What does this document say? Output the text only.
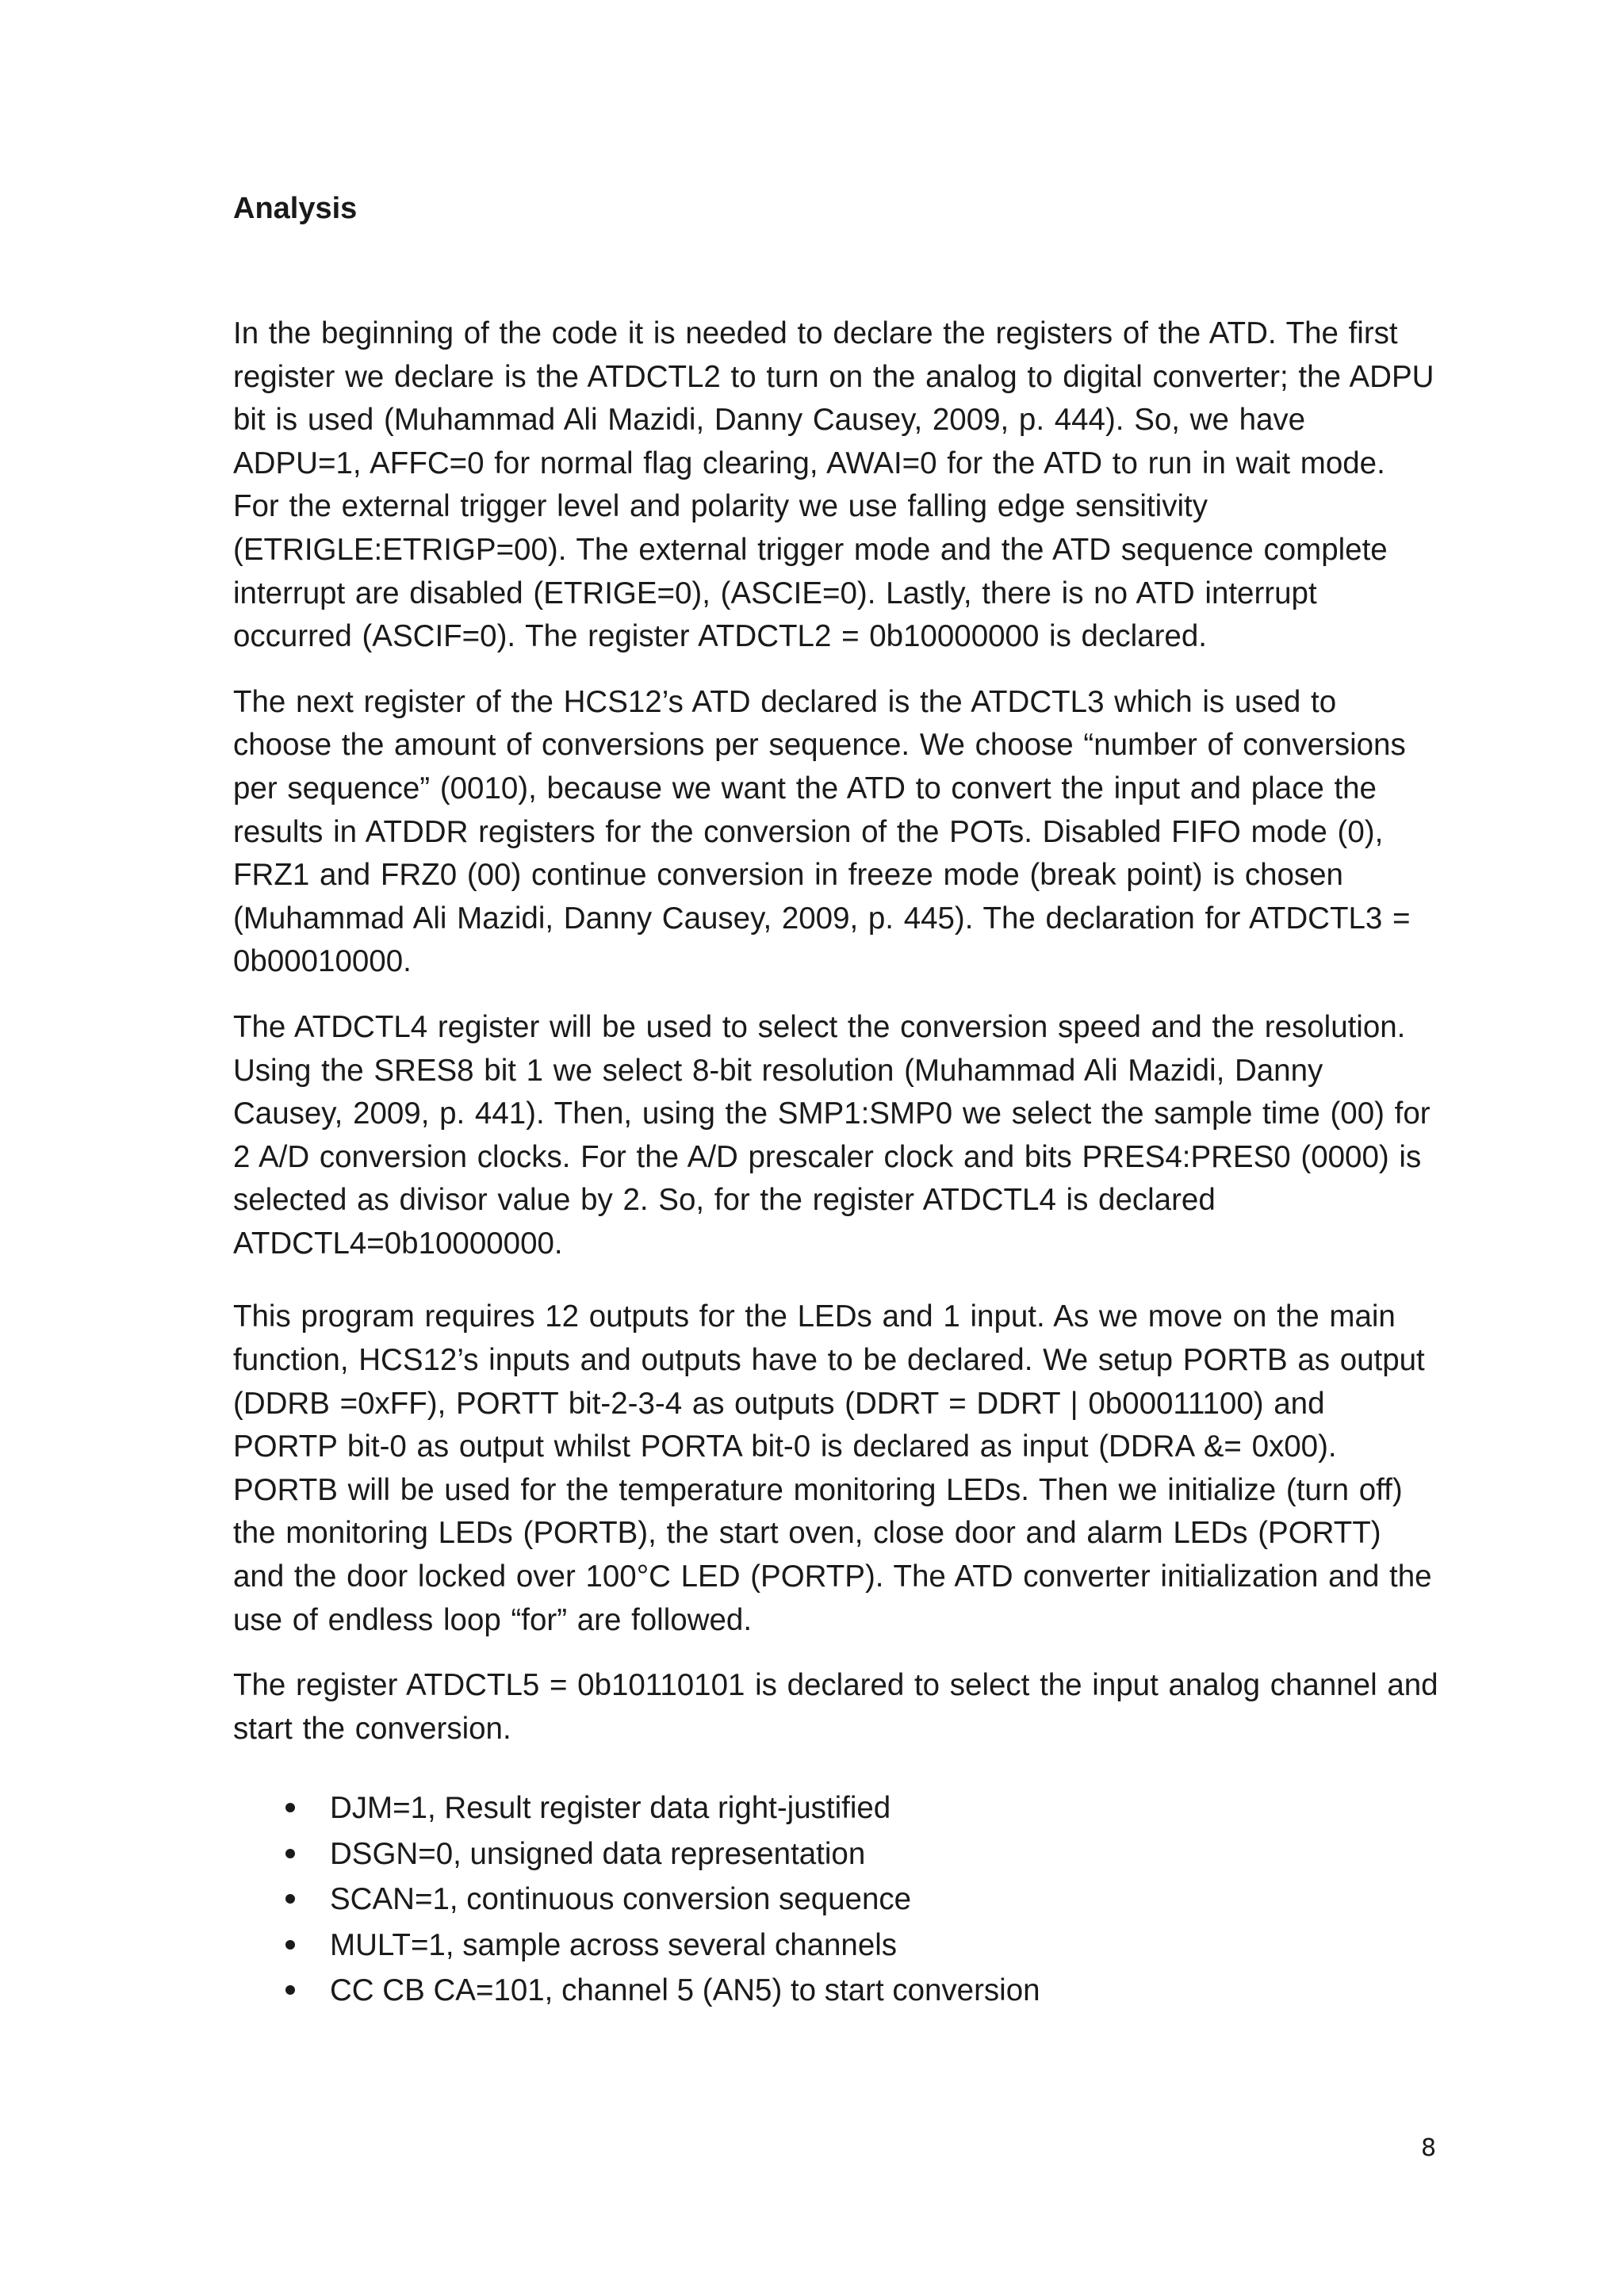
Analysis

In the beginning of the code it is needed to declare the registers of the ATD. The first register we declare is the ATDCTL2 to turn on the analog to digital converter; the ADPU bit is used (Muhammad Ali Mazidi, Danny Causey, 2009, p. 444). So, we have ADPU=1, AFFC=0 for normal flag clearing, AWAI=0 for the ATD to run in wait mode. For the external trigger level and polarity we use falling edge sensitivity (ETRIGLE:ETRIGP=00). The external trigger mode and the ATD sequence complete interrupt are disabled (ETRIGE=0), (ASCIE=0). Lastly, there is no ATD interrupt occurred (ASCIF=0). The register ATDCTL2 = 0b10000000 is declared.

The next register of the HCS12’s ATD declared is the ATDCTL3 which is used to choose the amount of conversions per sequence. We choose “number of conversions per sequence” (0010), because we want the ATD to convert the input and place the results in ATDDR registers for the conversion of the POTs. Disabled FIFO mode (0), FRZ1 and FRZ0 (00) continue conversion in freeze mode (break point) is chosen (Muhammad Ali Mazidi, Danny Causey, 2009, p. 445). The declaration for ATDCTL3 = 0b00010000.

The ATDCTL4 register will be used to select the conversion speed and the resolution. Using the SRES8 bit 1 we select 8-bit resolution (Muhammad Ali Mazidi, Danny Causey, 2009, p. 441). Then, using the SMP1:SMP0 we select the sample time (00) for 2 A/D conversion clocks. For the A/D prescaler clock and bits PRES4:PRES0 (0000) is selected as divisor value by 2. So, for the register ATDCTL4 is declared ATDCTL4=0b10000000.

This program requires 12 outputs for the LEDs and 1 input. As we move on the main function, HCS12’s inputs and outputs have to be declared. We setup PORTB as output (DDRB =0xFF), PORTT bit-2-3-4 as outputs (DDRT = DDRT | 0b00011100) and PORTP bit-0 as output whilst PORTA bit-0 is declared as input (DDRA &= 0x00). PORTB will be used for the temperature monitoring LEDs. Then we initialize (turn off) the monitoring LEDs (PORTB), the start oven, close door and alarm LEDs (PORTT) and the door locked over 100°C LED (PORTP). The ATD converter initialization and the use of endless loop “for” are followed.

The register ATDCTL5 = 0b10110101 is declared to select the input analog channel and start the conversion.

DJM=1, Result register data right-justified
DSGN=0, unsigned data representation
SCAN=1, continuous conversion sequence
MULT=1, sample across several channels
CC CB CA=101, channel 5 (AN5) to start conversion
8
